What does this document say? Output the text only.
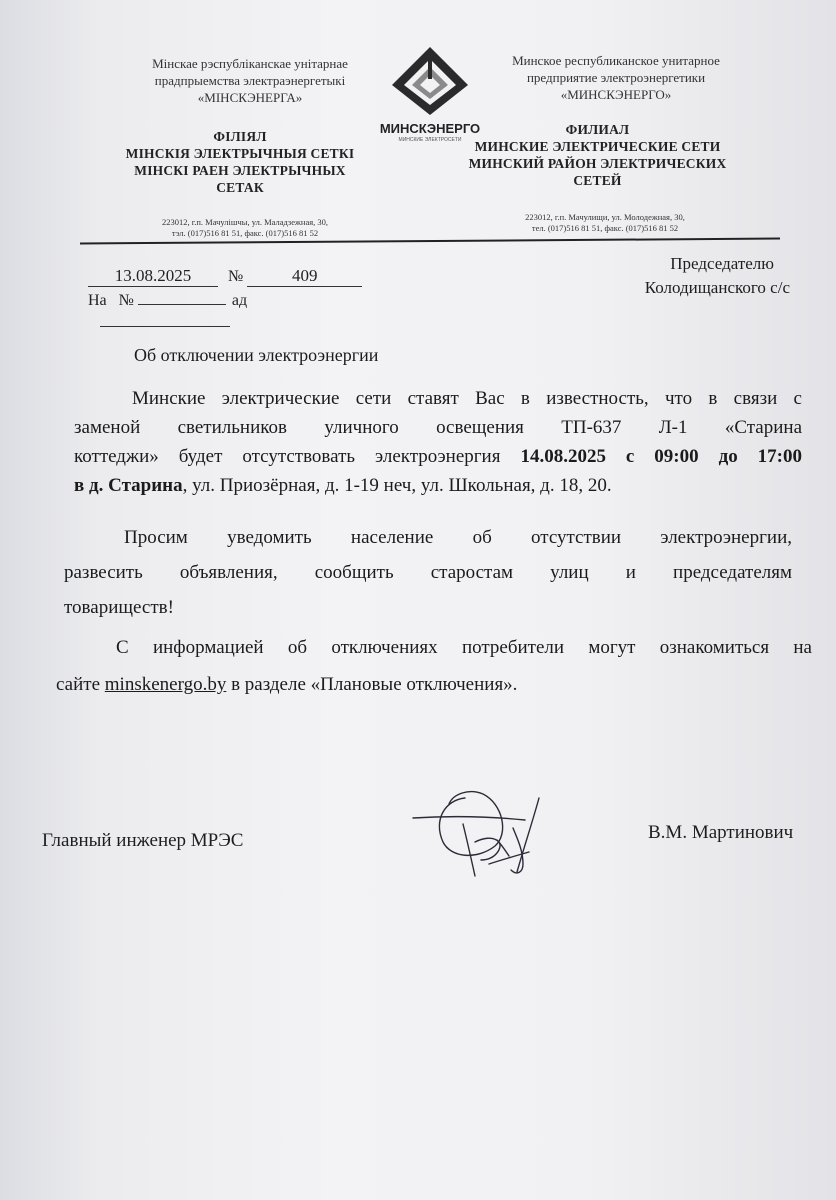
Мінскае рэспубліканскае унітарнае
прадпрыемства электраэнергетыкі
«МІНСКЭНЕРГА»
Минское республиканское унитарное
предприятие электроэнергетики
«МИНСКЭНЕРГО»
МИНСКЭНЕРГО
МИНСКИЕ ЭЛЕКТРОСЕТИ
ФІЛІЯЛ
МІНСКІЯ ЭЛЕКТРЫЧНЫЯ СЕТКІ
МІНСКІ РАЕН ЭЛЕКТРЫЧНЫХ
СЕТАК
ФИЛИАЛ
МИНСКИЕ ЭЛЕКТРИЧЕСКИЕ СЕТИ
МИНСКИЙ РАЙОН ЭЛЕКТРИЧЕСКИХ
СЕТЕЙ
223012, г.п. Мачулішчы, ул. Маладзежная, 30,
тэл. (017)516 81 51, факс. (017)516 81 52
223012, г.п. Мачулищи, ул. Молодежная, 30,
тел. (017)516 81 51, факс. (017)516 81 52
13.08.2025 №	409
На №	ад
Председателю
Колодищанского с/с
Об отключении электроэнергии
Минские электрические сети ставят Вас в известность, что в связи с
заменой светильников уличного освещения ТП-637 Л-1 «Старина
коттеджи» будет отсутствовать электроэнергия 14.08.2025 с 09:00 до 17:00
в д. Старина, ул. Приозёрная, д. 1-19 неч, ул. Школьная, д. 18, 20.
Просим уведомить население об отсутствии электроэнергии,
развесить объявления, сообщить старостам улиц и председателям
товариществ!
С информацией об отключениях потребители могут ознакомиться на
сайте minskenergo.by в разделе «Плановые отключения».
Главный инженер МРЭС	В.М. Мартинович
